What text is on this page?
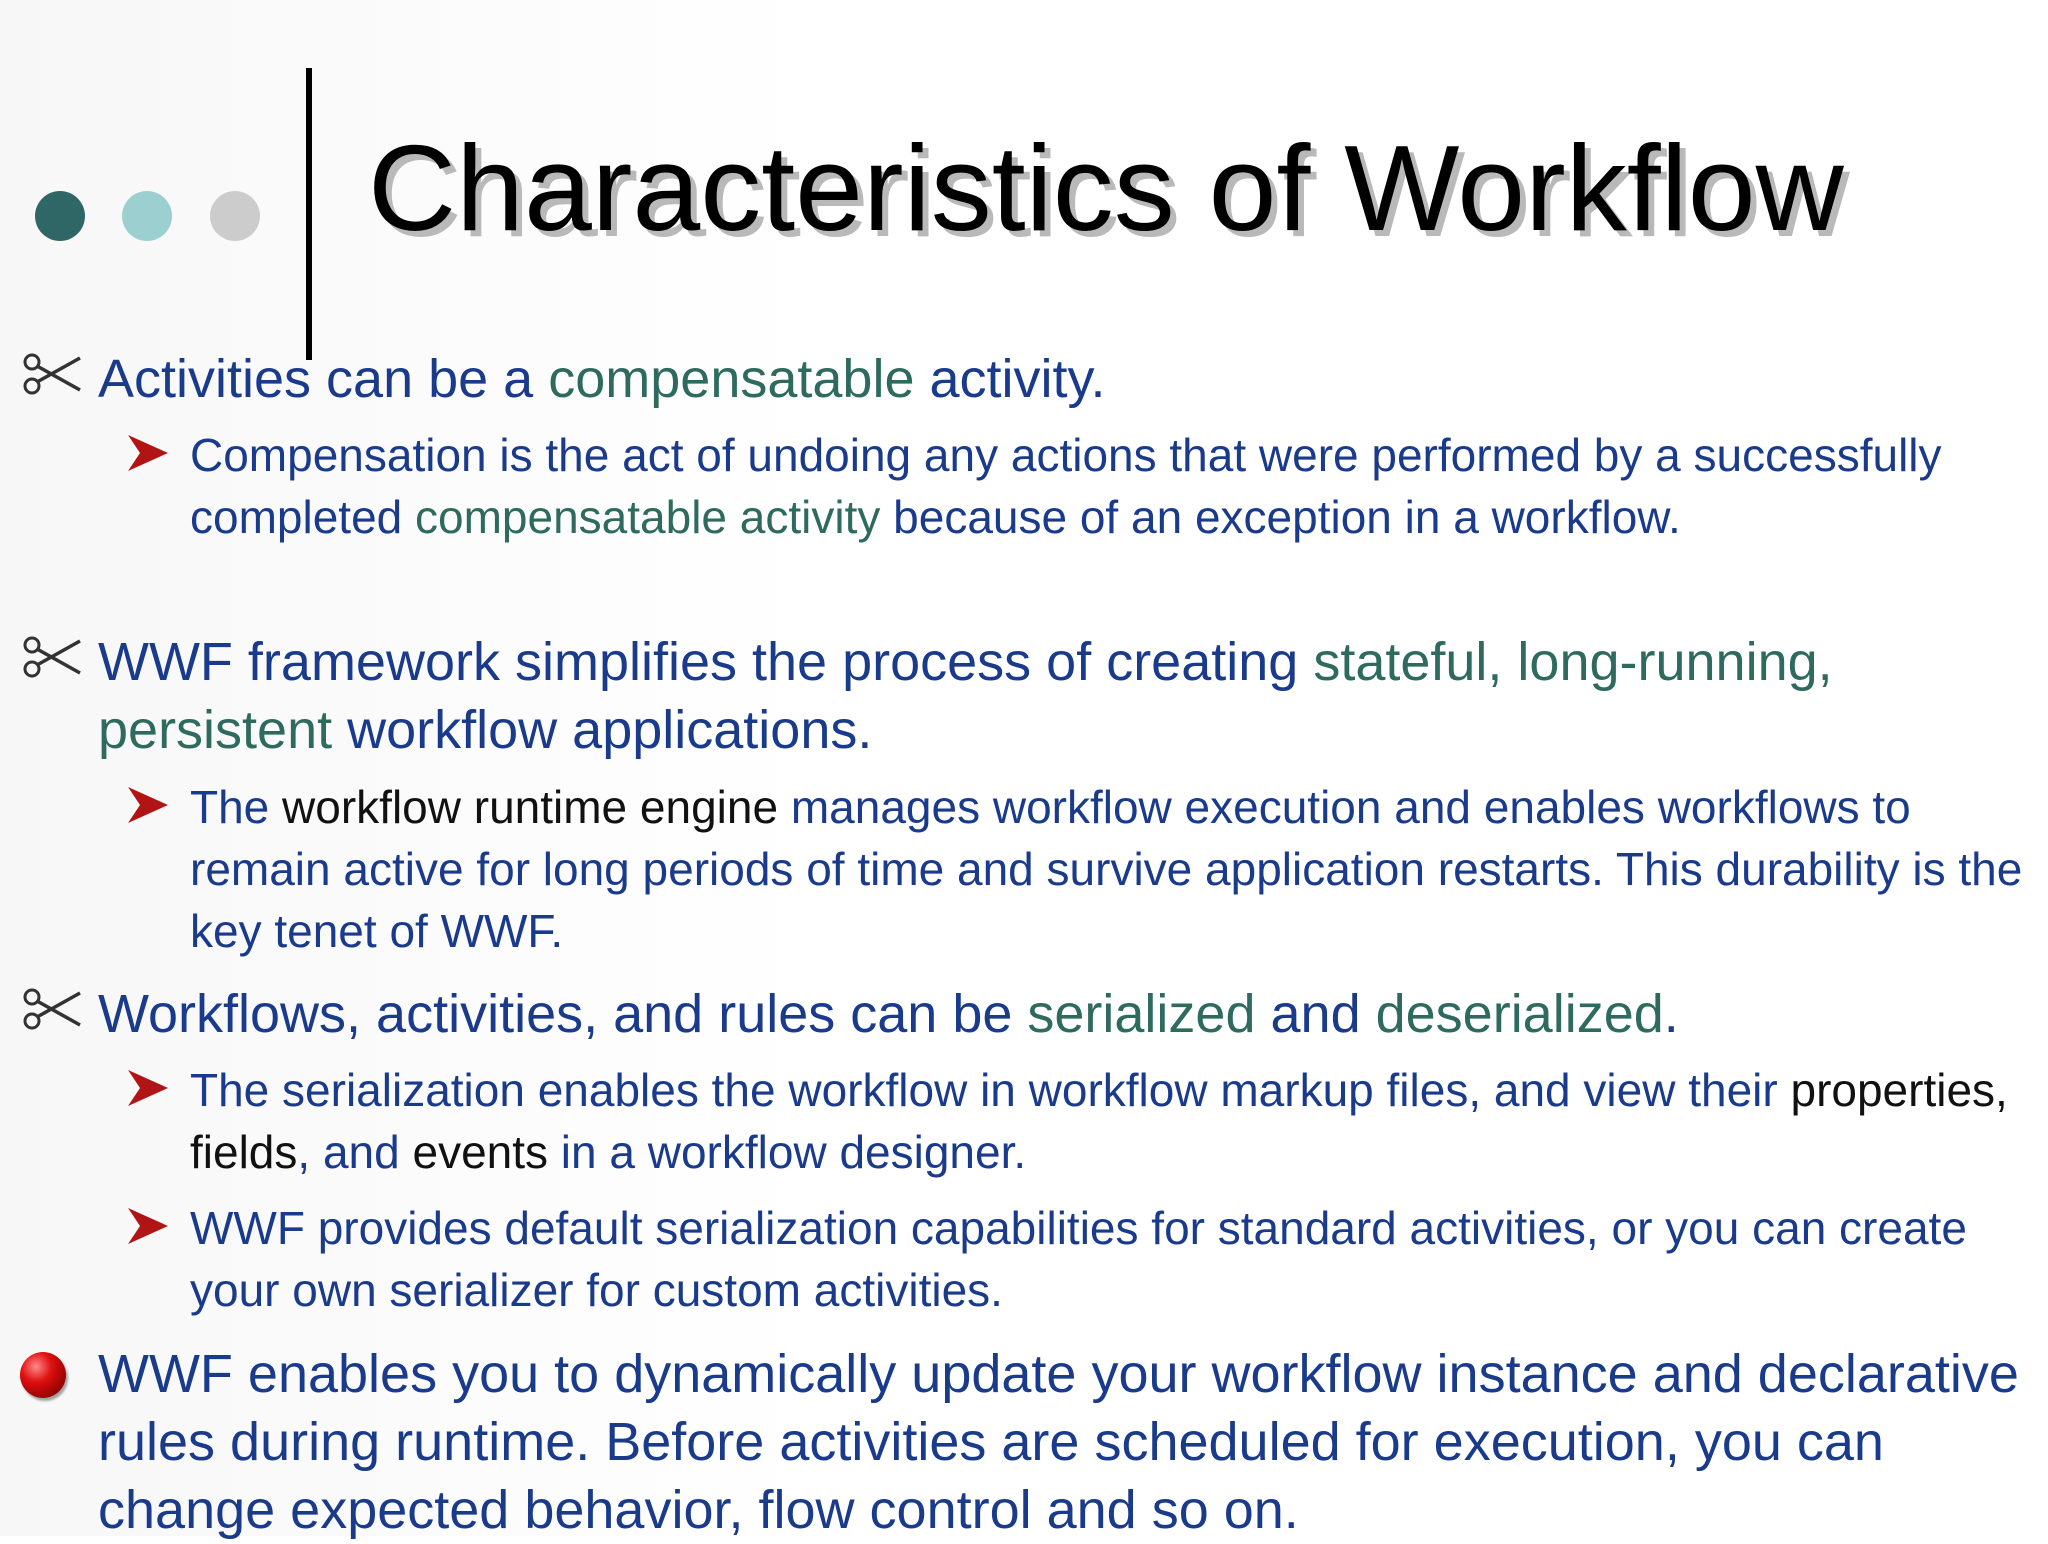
Characteristics of Workflow
Activities can be a compensatable activity.
Compensation is the act of undoing any actions that were performed by a successfully completed compensatable activity because of an exception in a workflow.
WWF framework simplifies the process of creating stateful, long-running, persistent workflow applications.
The workflow runtime engine manages workflow execution and enables workflows to remain active for long periods of time and survive application restarts. This durability is the key tenet of WWF.
Workflows, activities, and rules can be serialized and deserialized.
The serialization enables the workflow in workflow markup files, and view their properties, fields, and events in a workflow designer.
WWF provides default serialization capabilities for standard activities, or you can create your own serializer for custom activities.
WWF enables you to dynamically update your workflow instance and declarative rules during runtime. Before activities are scheduled for execution, you can change expected behavior, flow control and so on.
